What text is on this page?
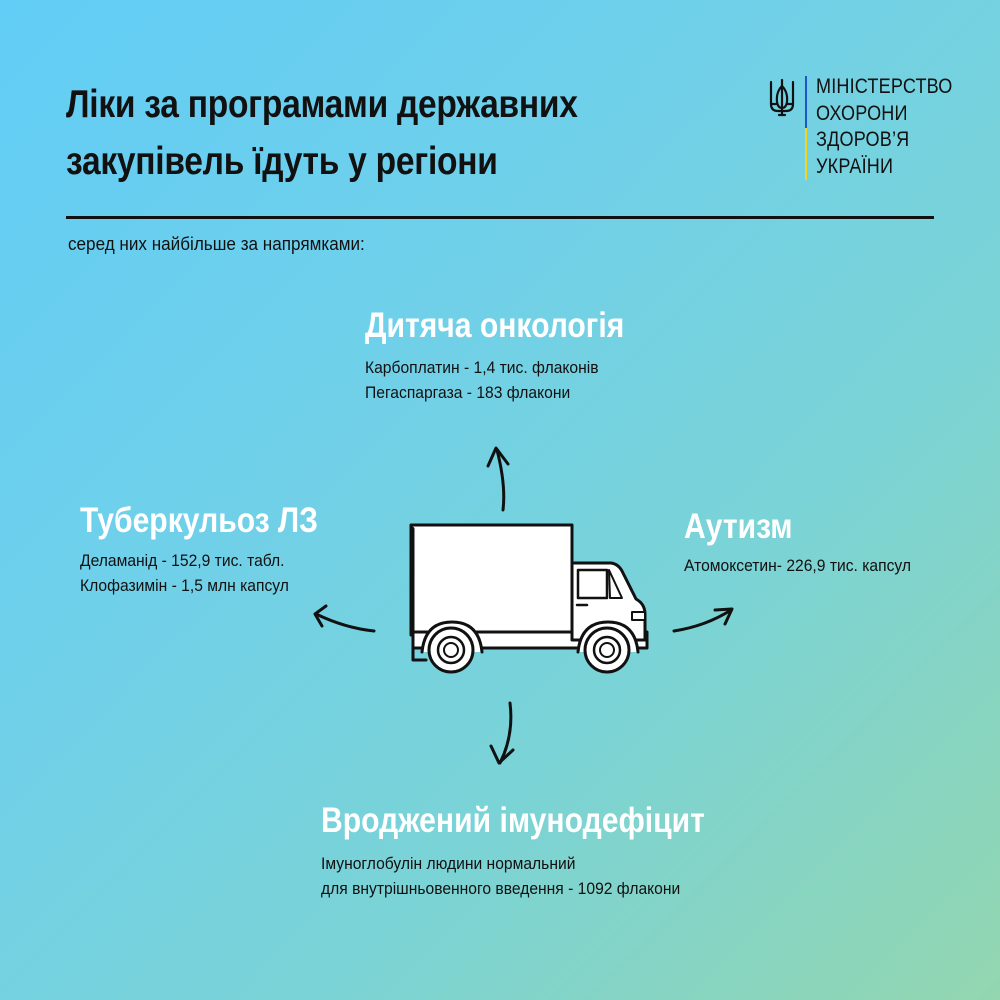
Ліки за програмами державних
закупівель їдуть у регіони
МІНІСТЕРСТВО
ОХОРОНИ
ЗДОРОВ’Я
УКРАЇНИ
серед них найбільше за напрямками:
Дитяча онкологія
Карбоплатин - 1,4 тис. флаконів
Пегаспаргаза - 183 флакони
Туберкульоз ЛЗ
Деламанід - 152,9 тис. табл.
Клофазимін - 1,5 млн капсул
Аутизм
Атомоксетин- 226,9 тис. капсул
Вроджений імунодефіцит
Імуноглобулін людини нормальний
для внутрішньовенного введення - 1092 флакони
